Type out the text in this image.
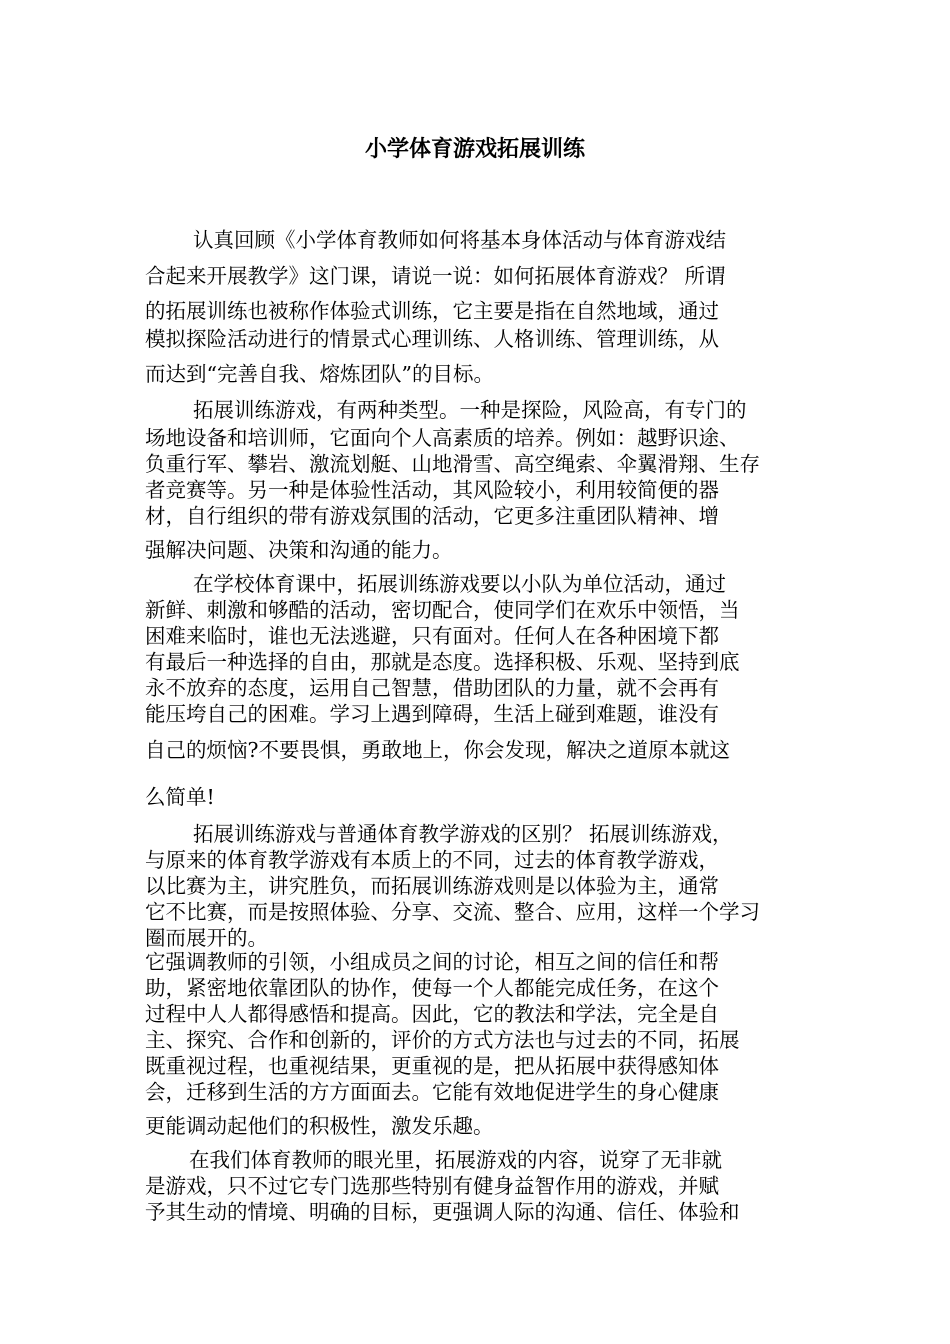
小学体育游戏拓展训练
认真回顾《小学体育教师如何将基本身体活动与体育游戏结
合起来开展教学》这门课，请说一说：如何拓展体育游戏？ 所谓
的拓展训练也被称作体验式训练，它主要是指在自然地域，通过
模拟探险活动进行的情景式心理训练、人格训练、管理训练，从
而达到“完善自我、熔炼团队”的目标。
拓展训练游戏，有两种类型。一种是探险，风险高，有专门的
场地设备和培训师，它面向个人高素质的培养。例如：越野识途、
负重行军、攀岩、激流划艇、山地滑雪、高空绳索、伞翼滑翔、生存
者竞赛等。另一种是体验性活动，其风险较小，利用较简便的器
材，自行组织的带有游戏氛围的活动，它更多注重团队精神、增
强解决问题、决策和沟通的能力。
在学校体育课中，拓展训练游戏要以小队为单位活动，通过
新鲜、刺激和够酷的活动，密切配合，使同学们在欢乐中领悟，当
困难来临时，谁也无法逃避，只有面对。任何人在各种困境下都
有最后一种选择的自由，那就是态度。选择积极、乐观、坚持到底
永不放弃的态度，运用自己智慧，借助团队的力量，就不会再有
能压垮自己的困难。学习上遇到障碍，生活上碰到难题，谁没有
自己的烦恼?不要畏惧，勇敢地上，你会发现，解决之道原本就这
么简单!
拓展训练游戏与普通体育教学游戏的区别？ 拓展训练游戏，
与原来的体育教学游戏有本质上的不同，过去的体育教学游戏，
以比赛为主，讲究胜负，而拓展训练游戏则是以体验为主，通常
它不比赛，而是按照体验、分享、交流、整合、应用，这样一个学习
圈而展开的。
它强调教师的引领，小组成员之间的讨论，相互之间的信任和帮
助，紧密地依靠团队的协作，使每一个人都能完成任务，在这个
过程中人人都得感悟和提高。因此，它的教法和学法，完全是自
主、探究、合作和创新的，评价的方式方法也与过去的不同，拓展
既重视过程，也重视结果，更重视的是，把从拓展中获得感知体
会，迁移到生活的方方面面去。它能有效地促进学生的身心健康
更能调动起他们的积极性，激发乐趣。
在我们体育教师的眼光里，拓展游戏的内容，说穿了无非就
是游戏，只不过它专门选那些特别有健身益智作用的游戏，并赋
予其生动的情境、明确的目标，更强调人际的沟通、信任、体验和
